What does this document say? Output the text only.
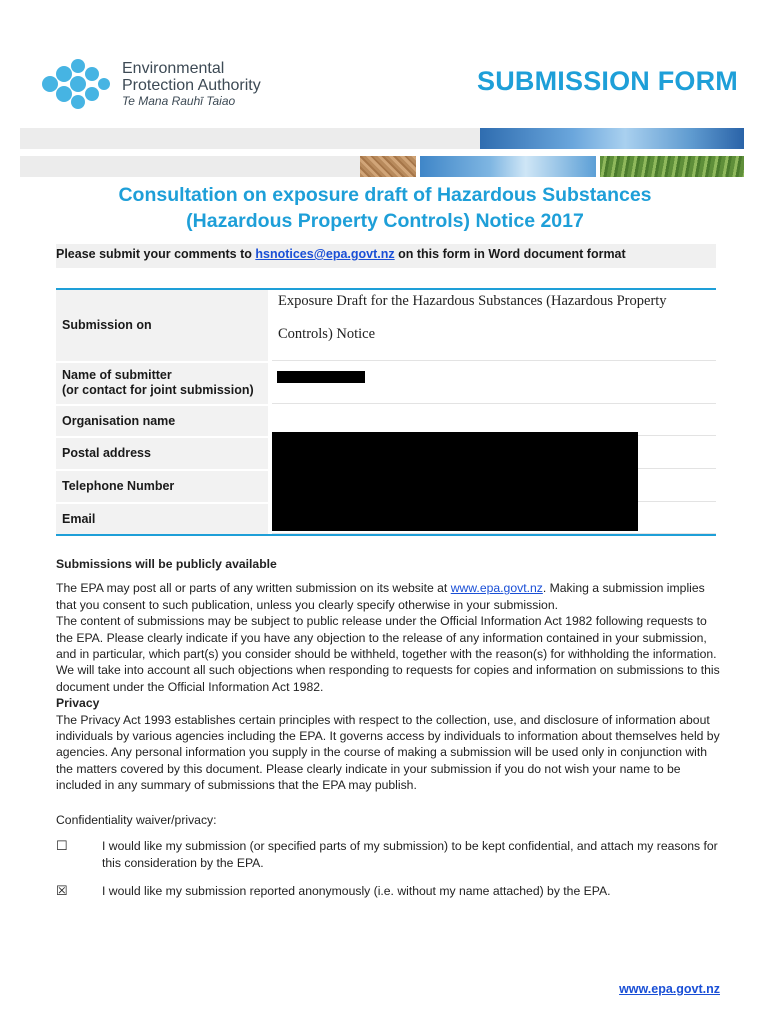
Environmental
Protection Authority
Te Mana Rauhī Taiao
SUBMISSION FORM
Consultation on exposure draft of Hazardous Substances
(Hazardous Property Controls) Notice 2017
Please submit your comments to hsnotices@epa.govt.nz on this form in Word document format
Submission on
Exposure Draft for the Hazardous Substances (Hazardous Property
Controls) Notice
Name of submitter
(or contact for joint submission)
Organisation name
Postal address
Telephone Number
Email

Submissions will be publicly available

The EPA may post all or parts of any written submission on its website at www.epa.govt.nz. Making a submission implies that you consent to such publication, unless you clearly specify otherwise in your submission.

The content of submissions may be subject to public release under the Official Information Act 1982 following requests to the EPA. Please clearly indicate if you have any objection to the release of any information contained in your submission, and in particular, which part(s) you consider should be withheld, together with the reason(s) for withholding the information. We will take into account all such objections when responding to requests for copies and information on submissions to this document under the Official Information Act 1982.

Privacy

The Privacy Act 1993 establishes certain principles with respect to the collection, use, and disclosure of information about individuals by various agencies including the EPA. It governs access by individuals to information about themselves held by agencies. Any personal information you supply in the course of making a submission will be used only in conjunction with the matters covered by this document. Please clearly indicate in your submission if you do not wish your name to be included in any summary of submissions that the EPA may publish.

Confidentiality waiver/privacy:

☐	I would like my submission (or specified parts of my submission) to be kept confidential, and attach my reasons for this consideration by the EPA.
☒	I would like my submission reported anonymously (i.e. without my name attached) by the EPA.
www.epa.govt.nz
